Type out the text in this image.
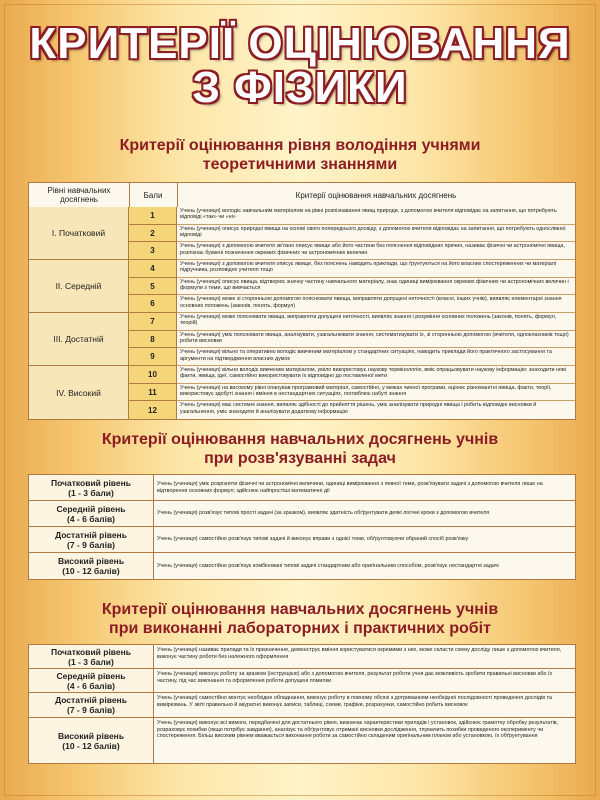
КРИТЕРІЇ ОЦІНЮВАННЯ
З ФІЗИКИ
Критерії оцінювання рівня володіння учнями
теоретичними знаннями
Рівні навчальних досягнень	Бали	Критерії оцінювання навчальних досягнень
І. Початковий
ІІ. Середній
ІІІ. Достатній
IV. Високий
1
2
3
4
5
6
7
8
9
10
11
12
Учень (учениця) володіє навчальним матеріалом на рівні розпізнавання явищ природи, з допомогою вчителя відповідає на запитання, що потребують відповіді «так» чи «ні»
Учень (учениця) описує природні явища на основі свого попереднього досвіду, з допомогою вчителя відповідає на запитання, що потребують однослівної відповіді
Учень (учениця) з допомогою вчителя зв'язно описує явище або його частини без пояснення відповідних причин, називає фізичні чи астрономічні явища, розпізнає буквені позначення окремих фізичних чи астрономічних величин
Учень (учениця) з допомогою вчителя описує явище, без пояснень наводить приклади, що ґрунтуються на його власних спостереженнях чи матеріалі підручника, розповідях учителя тощо
Учень (учениця) описує явища, відтворює значну частину навчального матеріалу, знає одиниці вимірювання окремих фізичних чи астрономічних величин і формули з теми, що вивчається
Учень (учениця) може зі сторонньою допомогою пояснювати явища, виправляти допущені неточності (власні, інших учнів), виявляє елементарні знання основних положень (законів, понять, формул)
Учень (учениця) може пояснювати явища, виправляти допущені неточності, виявляє знання і розуміння основних положень (законів, понять, формул, теорій)
Учень (учениця) уміє пояснювати явища, аналізувати, узагальнювати знання, систематизувати їх, зі сторонньою допомогою (вчителя, однокласників тощо) робити висновки
Учень (учениця) вільно та оперативно володіє вивченим матеріалом у стандартних ситуаціях, наводить приклади його практичного застосування та аргументи на підтвердження власних думок
Учень (учениця) вільно володіє вивченим матеріалом, уміло використовує наукову термінологію, вміє опрацьовувати наукову інформацію: знаходити нові факти, явища, ідеї, самостійно використовувати їх відповідно до поставленої мети
Учень (учениця) на високому рівні опанував програмовий матеріал, самостійно, у межах чинної програми, оцінює різноманітні явища, факти, теорії, використовує здобуті знання і вміння в нестандартних ситуаціях, поглиблює набуті знання
Учень (учениця) має системні знання, виявляє здібності до прийняття рішень, уміє аналізувати природні явища і робить відповідні висновки й узагальнення, уміє знаходити й аналізувати додаткову інформацію
Критерії оцінювання навчальних досягнень учнів
при розв'язуванні задач
Початковий рівень
(1 - 3 бали)
Учень (учениця) уміє розрізняти фізичні чи астрономічні величини, одиниці вимірювання з певної теми, розв'язувати задачі з допомогою вчителя лише на відтворення основних формул; здійснює найпростіші математичні дії
Середній рівень
(4 - 6 балів)
Учень (учениця) розв'язує типові прості задачі (за зразком), виявляє здатність обґрунтувати деякі логічні кроки з допомогою вчителя
Достатній рівень
(7 - 9 балів)
Учень (учениця) самостійно розв'язує типові задачі й виконує вправи з однієї теми, обґрунтовуючи обраний спосіб розв'язку
Високий рівень
(10 - 12 балів)
Учень (учениця) самостійно розв'язує комбіновані типові задачі стандартним або оригінальним способом, розв'язує нестандартні задачі
Критерії оцінювання навчальних досягнень учнів
при виконанні лабораторних і практичних робіт
Початковий рівень
(1 - 3 бали)
Учень (учениця) називає прилади та їх призначення, демонструє вміння користуватися окремими з них, може скласти схему досліду лише з допомогою вчителя, виконує частину роботи без належного оформлення
Середній рівень
(4 - 6 балів)
Учень (учениця) виконує роботу за зразком (інструкцією) або з допомогою вчителя, результат роботи учня дає можливість зробити правильні висновки або їх частину, під час виконання та оформлення роботи допущені помилки
Достатній рівень
(7 - 9 балів)
Учень (учениця) самостійно монтує необхідне обладнання, виконує роботу в повному обсязі з дотриманням необхідної послідовності проведення дослідів та вимірювань. У звіті правильно й акуратно виконує записи, таблиці, схеми, графіки, розрахунки, самостійно робить висновок
Високий рівень
(10 - 12 балів)
Учень (учениця) виконує всі вимоги, передбачені для достатнього рівня, визначає характеристики приладів і установок, здійснює грамотну обробку результатів, розраховує похибки (якщо потрібує завдання), аналізує та обґрунтовує отримані висновки дослідження, тлумачить похибки проведеного експерименту чи спостереження. Більш високим рівнем вважається виконання роботи за самостійно складеним оригінальним планом або установкою, їх обґрунтування
